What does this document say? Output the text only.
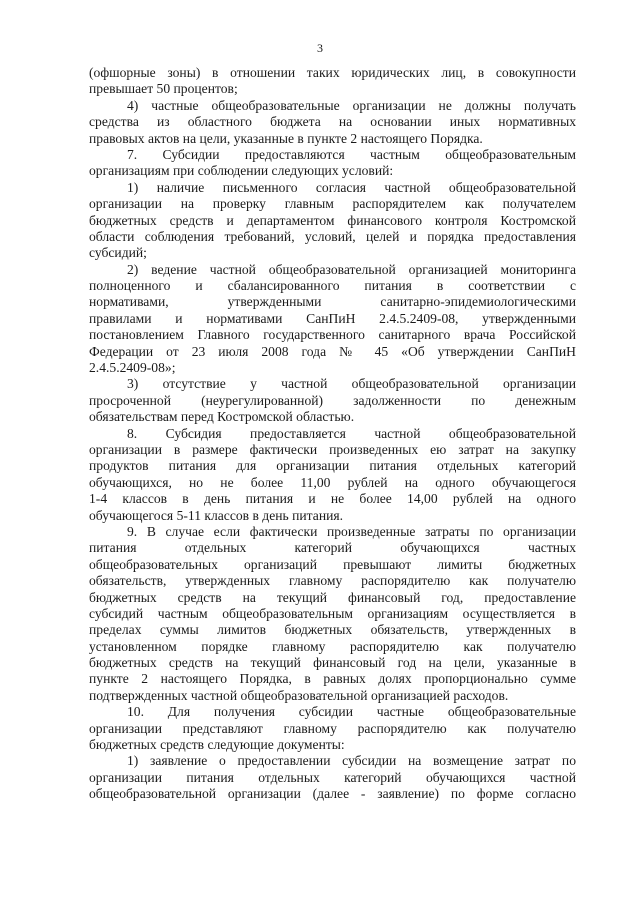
3
(офшорные зоны) в отношении таких юридических лиц, в совокупности
превышает 50 процентов;
4) частные общеобразовательные организации не должны получать
средства из областного бюджета на основании иных нормативных
правовых актов на цели, указанные в пункте 2 настоящего Порядка.
7. Субсидии предоставляются частным общеобразовательным
организациям при соблюдении следующих условий:
1) наличие письменного согласия частной общеобразовательной
организации на проверку главным распорядителем как получателем
бюджетных средств и департаментом финансового контроля Костромской
области соблюдения требований, условий, целей и порядка предоставления
субсидий;
2) ведение частной общеобразовательной организацией мониторинга
полноценного и сбалансированного питания в соответствии с
нормативами, утвержденными санитарно-эпидемиологическими
правилами и нормативами СанПиН 2.4.5.2409-08, утвержденными
постановлением Главного государственного санитарного врача Российской
Федерации от 23 июля 2008 года № 45 «Об утверждении СанПиН
2.4.5.2409-08»;
3) отсутствие у частной общеобразовательной организации
просроченной (неурегулированной) задолженности по денежным
обязательствам перед Костромской областью.
8. Субсидия предоставляется частной общеобразовательной
организации в размере фактически произведенных ею затрат на закупку
продуктов питания для организации питания отдельных категорий
обучающихся, но не более 11,00 рублей на одного обучающегося
1-4 классов в день питания и не более 14,00 рублей на одного
обучающегося 5-11 классов в день питания.
9. В случае если фактически произведенные затраты по организации
питания отдельных категорий обучающихся частных
общеобразовательных организаций превышают лимиты бюджетных
обязательств, утвержденных главному распорядителю как получателю
бюджетных средств на текущий финансовый год, предоставление
субсидий частным общеобразовательным организациям осуществляется в
пределах суммы лимитов бюджетных обязательств, утвержденных в
установленном порядке главному распорядителю как получателю
бюджетных средств на текущий финансовый год на цели, указанные в
пункте 2 настоящего Порядка, в равных долях пропорционально сумме
подтвержденных частной общеобразовательной организацией расходов.
10. Для получения субсидии частные общеобразовательные
организации представляют главному распорядителю как получателю
бюджетных средств следующие документы:
1) заявление о предоставлении субсидии на возмещение затрат по
организации питания отдельных категорий обучающихся частной
общеобразовательной организации (далее - заявление) по форме согласно
